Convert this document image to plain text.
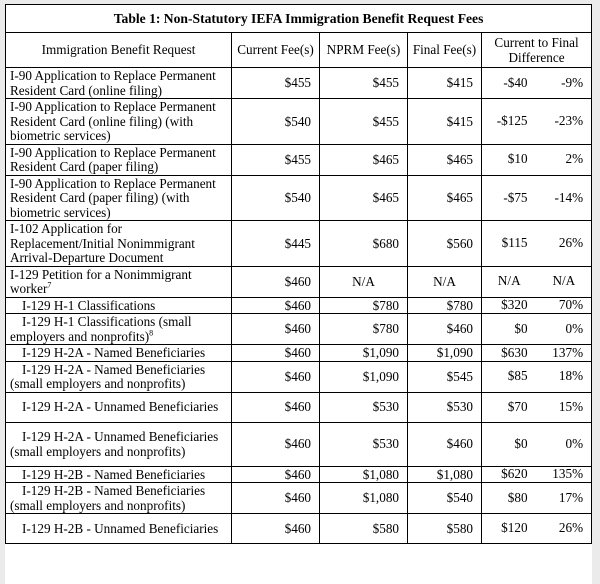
Table 1: Non-Statutory IEFA Immigration Benefit Request Fees				
Immigration Benefit Request	Current Fee(s)	NPRM Fee(s)	Final Fee(s)	Current to Final Difference
I-90 Application to Replace Permanent Resident Card (online filing)	$455	$455	$415	-$40 -9%

I-90 Application to Replace Permanent Resident Card (online filing) (with biometric services)	$540	$455	$415	-$125 -23%

I-90 Application to Replace Permanent Resident Card (paper filing)	$455	$465	$465	$10 2%

I-90 Application to Replace Permanent Resident Card (paper filing) (with biometric services)	$540	$465	$465	-$75 -14%

I-102 Application for Replacement/Initial Nonimmigrant Arrival-Departure Document	$445	$680	$560	$115 26%

I-129 Petition for a Nonimmigrant worker$^7$	$460	N/A	N/A	N/A N/A

I-129 H-1 Classifications	$460	$780	$780	$320 70%

I-129 H-1 Classifications (small employers and nonprofits)$^8$	$460	$780	$460	$0 0%

I-129 H-2A - Named Beneficiaries	$460	$1,090	$1,090	$630 137%

I-129 H-2A - Named Beneficiaries (small employers and nonprofits)	$460	$1,090	$545	$85 18%

I-129 H-2A - Unnamed Beneficiaries	$460	$530	$530	$70 15%

I-129 H-2A - Unnamed Beneficiaries (small employers and nonprofits)	$460	$530	$460	$0 0%

I-129 H-2B - Named Beneficiaries	$460	$1,080	$1,080	$620 135%

I-129 H-2B - Named Beneficiaries (small employers and nonprofits)	$460	$1,080	$540	$80 17%

I-129 H-2B - Unnamed Beneficiaries	$460	$580	$580	$120 26%
